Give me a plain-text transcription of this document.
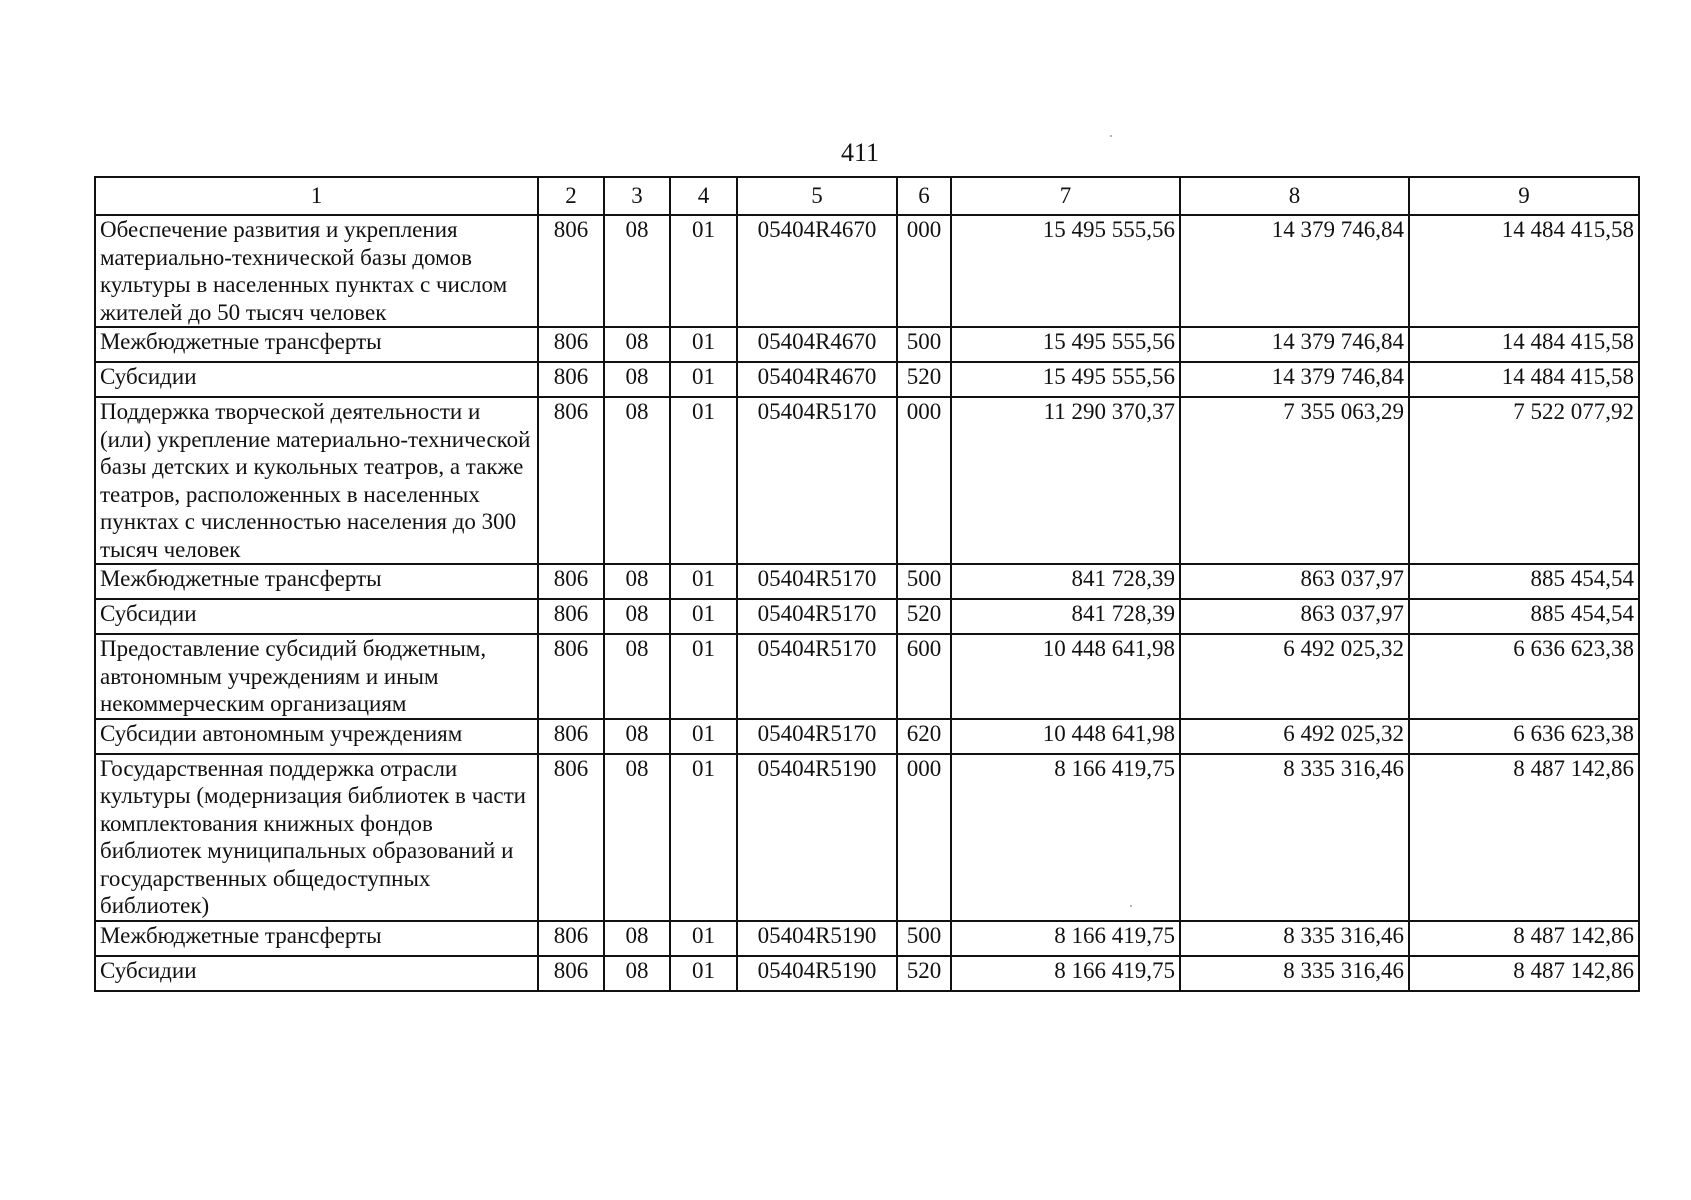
411
1	2	3	4	5	6	7	8	9
Обеспечение развития и укрепления материально-технической базы домов культуры в населенных пунктах с числом жителей до 50 тысяч человек	806	08	01	05404R4670	000	15 495 555,56	14 379 746,84	14 484 415,58
Межбюджетные трансферты	806	08	01	05404R4670	500	15 495 555,56	14 379 746,84	14 484 415,58
Субсидии	806	08	01	05404R4670	520	15 495 555,56	14 379 746,84	14 484 415,58
Поддержка творческой деятельности и (или) укрепление материально-технической базы детских и кукольных театров, а также театров, расположенных в населенных пунктах с численностью населения до 300 тысяч человек	806	08	01	05404R5170	000	11 290 370,37	7 355 063,29	7 522 077,92
Межбюджетные трансферты	806	08	01	05404R5170	500	841 728,39	863 037,97	885 454,54
Субсидии	806	08	01	05404R5170	520	841 728,39	863 037,97	885 454,54
Предоставление субсидий бюджетным, автономным учреждениям и иным некоммерческим организациям	806	08	01	05404R5170	600	10 448 641,98	6 492 025,32	6 636 623,38
Субсидии автономным учреждениям	806	08	01	05404R5170	620	10 448 641,98	6 492 025,32	6 636 623,38
Государственная поддержка отрасли культуры (модернизация библиотек в части комплектования книжных фондов библиотек муниципальных образований и государственных общедоступных библиотек)	806	08	01	05404R5190	000	8 166 419,75	8 335 316,46	8 487 142,86
Межбюджетные трансферты	806	08	01	05404R5190	500	8 166 419,75	8 335 316,46	8 487 142,86
Субсидии	806	08	01	05404R5190	520	8 166 419,75	8 335 316,46	8 487 142,86
